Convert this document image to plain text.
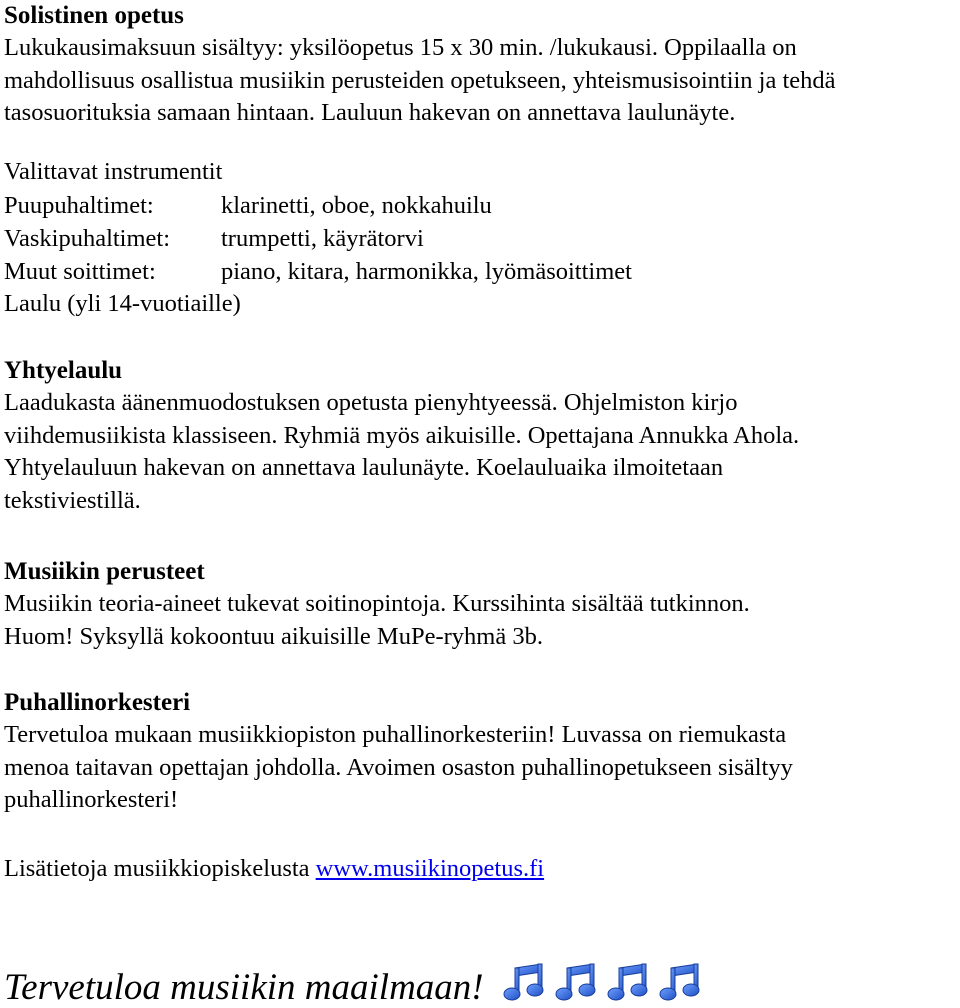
Solistinen opetus

Lukukausimaksuun sisältyy: yksilöopetus 15 x 30 min. /lukukausi. Oppilaalla on

mahdollisuus osallistua musiikin perusteiden opetukseen, yhteismusisointiin ja tehdä

tasosuorituksia samaan hintaan. Lauluun hakevan on annettava laulunäyte.

Valittavat instrumentit

Puupuhaltimet:	klarinetti, oboe, nokkahuilu
Vaskipuhaltimet:	trumpetti, käyrätorvi
Muut soittimet:	piano, kitara, harmonikka, lyömäsoittimet

Laulu (yli 14-vuotiaille)

Yhtyelaulu

Laadukasta äänenmuodostuksen opetusta pienyhtyeessä. Ohjelmiston kirjo

viihdemusiikista klassiseen. Ryhmiä myös aikuisille. Opettajana Annukka Ahola.

Yhtyelauluun hakevan on annettava laulunäyte. Koelauluaika ilmoitetaan

tekstiviestillä.

Musiikin perusteet

Musiikin teoria-aineet tukevat soitinopintoja. Kurssihinta sisältää tutkinnon.

Huom! Syksyllä kokoontuu aikuisille MuPe-ryhmä 3b.

Puhallinorkesteri

Tervetuloa mukaan musiikkiopiston puhallinorkesteriin! Luvassa on riemukasta

menoa taitavan opettajan johdolla. Avoimen osaston puhallinopetukseen sisältyy

puhallinorkesteri!

Lisätietoja musiikkiopiskelusta www.musiikinopetus.fi

Tervetuloa musiikin maailmaan!
